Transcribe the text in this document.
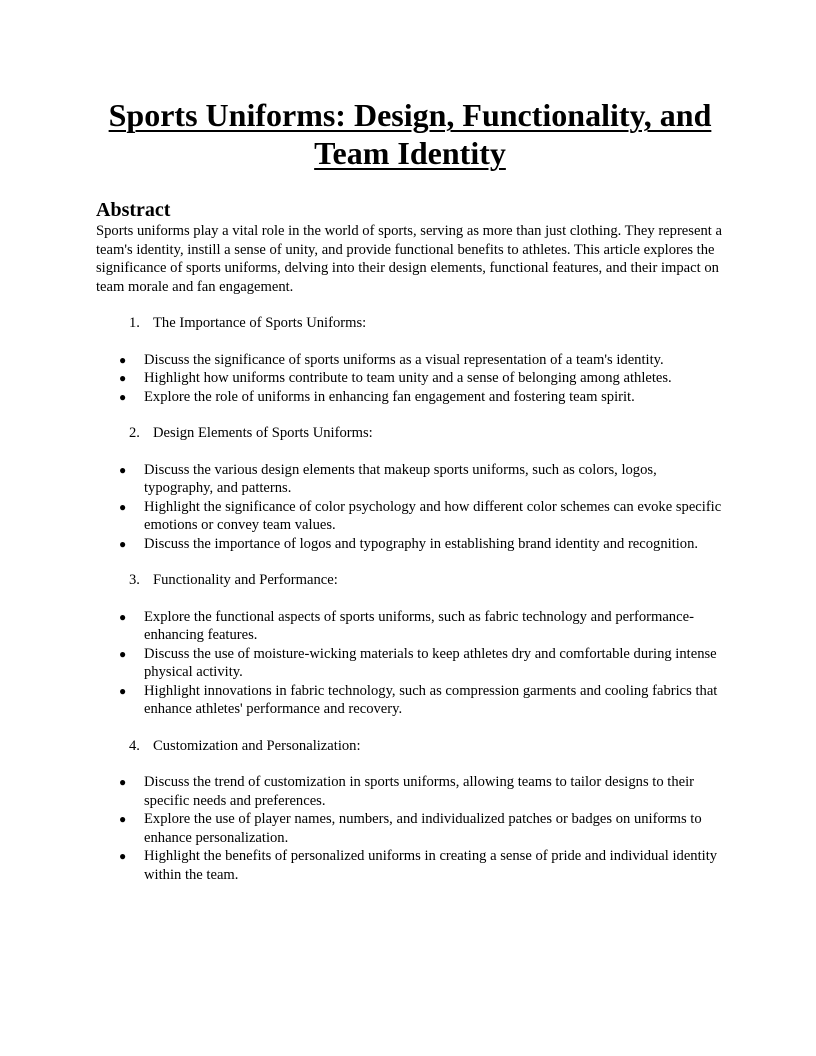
Sports Uniforms: Design, Functionality, and Team Identity
Abstract

Sports uniforms play a vital role in the world of sports, serving as more than just clothing. They represent a team's identity, instill a sense of unity, and provide functional benefits to athletes. This article explores the significance of sports uniforms, delving into their design elements, functional features, and their impact on team morale and fan engagement.

1. The Importance of Sports Uniforms:

● Discuss the significance of sports uniforms as a visual representation of a team's identity.
● Highlight how uniforms contribute to team unity and a sense of belonging among athletes.
● Explore the role of uniforms in enhancing fan engagement and fostering team spirit.

2. Design Elements of Sports Uniforms:

● Discuss the various design elements that makeup sports uniforms, such as colors, logos, typography, and patterns.
● Highlight the significance of color psychology and how different color schemes can evoke specific emotions or convey team values.
● Discuss the importance of logos and typography in establishing brand identity and recognition.

3. Functionality and Performance:

● Explore the functional aspects of sports uniforms, such as fabric technology and performance-enhancing features.
● Discuss the use of moisture-wicking materials to keep athletes dry and comfortable during intense physical activity.
● Highlight innovations in fabric technology, such as compression garments and cooling fabrics that enhance athletes' performance and recovery.

4. Customization and Personalization:

● Discuss the trend of customization in sports uniforms, allowing teams to tailor designs to their specific needs and preferences.
● Explore the use of player names, numbers, and individualized patches or badges on uniforms to enhance personalization.
● Highlight the benefits of personalized uniforms in creating a sense of pride and individual identity within the team.
